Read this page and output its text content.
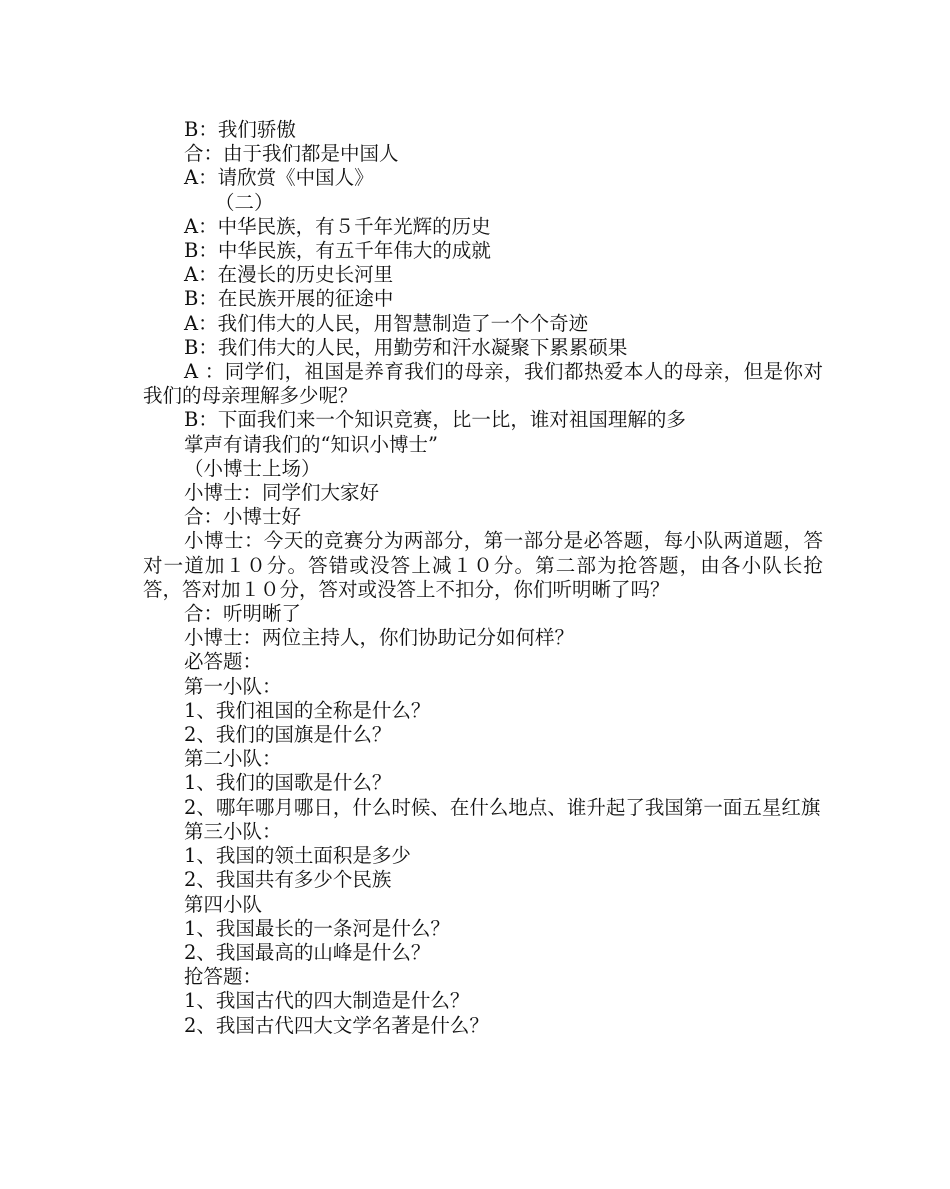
B：我们骄傲

合：由于我们都是中国人

A：请欣赏《中国人》

（二）

A：中华民族，有５千年光辉的历史

B：中华民族，有五千年伟大的成就

A：在漫长的历史长河里

B：在民族开展的征途中

A：我们伟大的人民，用智慧制造了一个个奇迹

B：我们伟大的人民，用勤劳和汗水凝聚下累累硕果

A ：同学们，祖国是养育我们的母亲，我们都热爱本人的母亲，但是你对我们的母亲理解多少呢？

B：下面我们来一个知识竞赛，比一比，谁对祖国理解的多

掌声有请我们的“知识小博士”

（小博士上场）

小博士：同学们大家好

合：小博士好

小博士：今天的竞赛分为两部分，第一部分是必答题，每小队两道题，答对一道加１０分。答错或没答上减１０分。第二部为抢答题，由各小队长抢答，答对加１０分，答对或没答上不扣分，你们听明晰了吗？

合：听明晰了

小博士：两位主持人，你们协助记分如何样？

必答题：

第一小队：

1、我们祖国的全称是什么？

2、我们的国旗是什么？

第二小队：

1、我们的国歌是什么？

2、哪年哪月哪日，什么时候、在什么地点、谁升起了我国第一面五星红旗

第三小队：

1、我国的领土面积是多少

2、我国共有多少个民族

第四小队

1、我国最长的一条河是什么？

2、我国最高的山峰是什么？

抢答题：

1、我国古代的四大制造是什么？

2、我国古代四大文学名著是什么？
